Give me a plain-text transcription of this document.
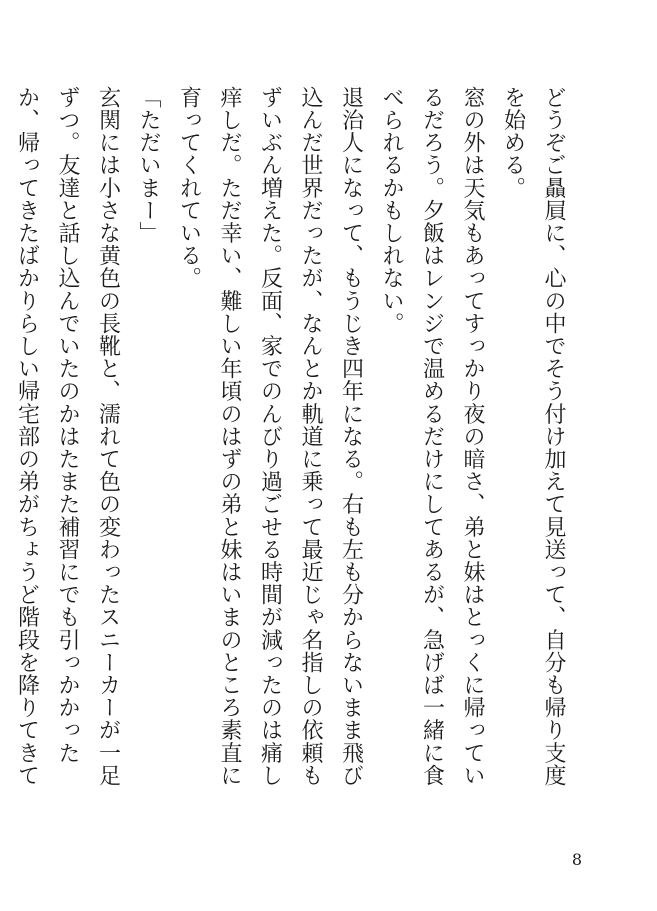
どうぞご贔屓に、心の中でそう付け加えて見送って、自分も帰り支度を始める。

窓の外は天気もあってすっかり夜の暗さ、弟と妹はとっくに帰っているだろう。夕飯はレンジで温めるだけにしてあるが、急げば一緒に食べられるかもしれない。

退治人になって、もうじき四年になる。右も左も分からないまま飛び込んだ世界だったが、なんとか軌道に乗って最近じゃ名指しの依頼もずいぶん増えた。反面、家でのんびり過ごせる時間が減ったのは痛し痒しだ。ただ幸い、難しい年頃のはずの弟と妹はいまのところ素直に育ってくれている。

「ただいまー」

玄関には小さな黄色の長靴と、濡れて色の変わったスニーカーが一足ずつ。友達と話し込んでいたのかはたまた補習にでも引っかかったか、帰ってきたばかりらしい帰宅部の弟がちょうど階段を降りてきて

8
